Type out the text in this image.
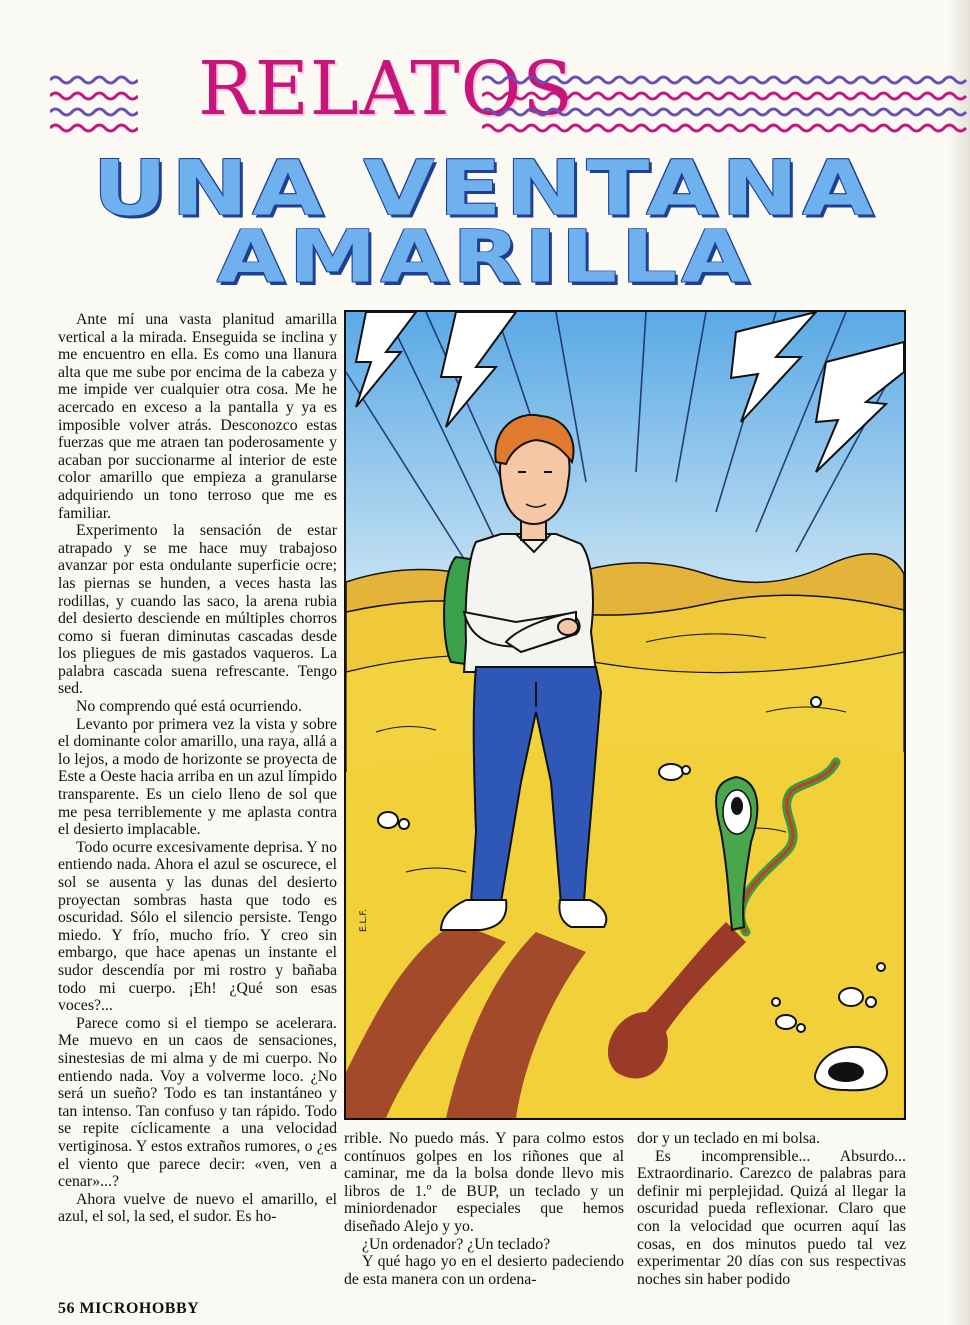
RELATOS
UNA VENTANA
AMARILLA

Ante mí una vasta planitud amarilla vertical a la mirada. Enseguida se inclina y me encuentro en ella. Es como una llanura alta que me sube por encima de la cabeza y me impide ver cualquier otra cosa. Me he acercado en exceso a la pantalla y ya es imposible volver atrás. Desconozco estas fuerzas que me atraen tan poderosamente y acaban por succionarme al interior de este color amarillo que empieza a granularse adquiriendo un tono terroso que me es familiar.

Experimento la sensación de estar atrapado y se me hace muy trabajoso avanzar por esta ondulante superficie ocre; las piernas se hunden, a veces hasta las rodillas, y cuando las saco, la arena rubia del desierto desciende en múltiples chorros como si fueran diminutas cascadas desde los pliegues de mis gastados vaqueros. La palabra cascada suena refrescante. Tengo sed.

No comprendo qué está ocurriendo.

Levanto por primera vez la vista y sobre el dominante color amarillo, una raya, allá a lo lejos, a modo de horizonte se proyecta de Este a Oeste hacia arriba en un azul límpido transparente. Es un cielo lleno de sol que me pesa terriblemente y me aplasta contra el desierto implacable.

Todo ocurre excesivamente deprisa. Y no entiendo nada. Ahora el azul se oscurece, el sol se ausenta y las dunas del desierto proyectan sombras hasta que todo es oscuridad. Sólo el silencio persiste. Tengo miedo. Y frío, mucho frío. Y creo sin embargo, que hace apenas un instante el sudor descendía por mi rostro y bañaba todo mi cuerpo. ¡Eh! ¿Qué son esas voces?...

Parece como si el tiempo se acelerara. Me muevo en un caos de sensaciones, sinestesias de mi alma y de mi cuerpo. No entiendo nada. Voy a volverme loco. ¿No será un sueño? Todo es tan instantáneo y tan intenso. Tan confuso y tan rápido. Todo se repite cíclicamente a una velocidad vertiginosa. Y estos extraños rumores, o ¿es el viento que parece decir: «ven, ven a cenar»...?

Ahora vuelve de nuevo el amarillo, el azul, el sol, la sed, el sudor. Es ho-

E.L.F.

rrible. No puedo más. Y para colmo estos contínuos golpes en los riñones que al caminar, me da la bolsa donde llevo mis libros de 1.º de BUP, un teclado y un miniordenador especiales que hemos diseñado Alejo y yo.

¿Un ordenador? ¿Un teclado?

Y qué hago yo en el desierto padeciendo de esta manera con un ordena-

dor y un teclado en mi bolsa.

Es incomprensible... Absurdo... Extraordinario. Carezco de palabras para definir mi perplejidad. Quizá al llegar la oscuridad pueda reflexionar. Claro que con la velocidad que ocurren aquí las cosas, en dos minutos puedo tal vez experimentar 20 días con sus respectivas noches sin haber podido

56 MICROHOBBY
